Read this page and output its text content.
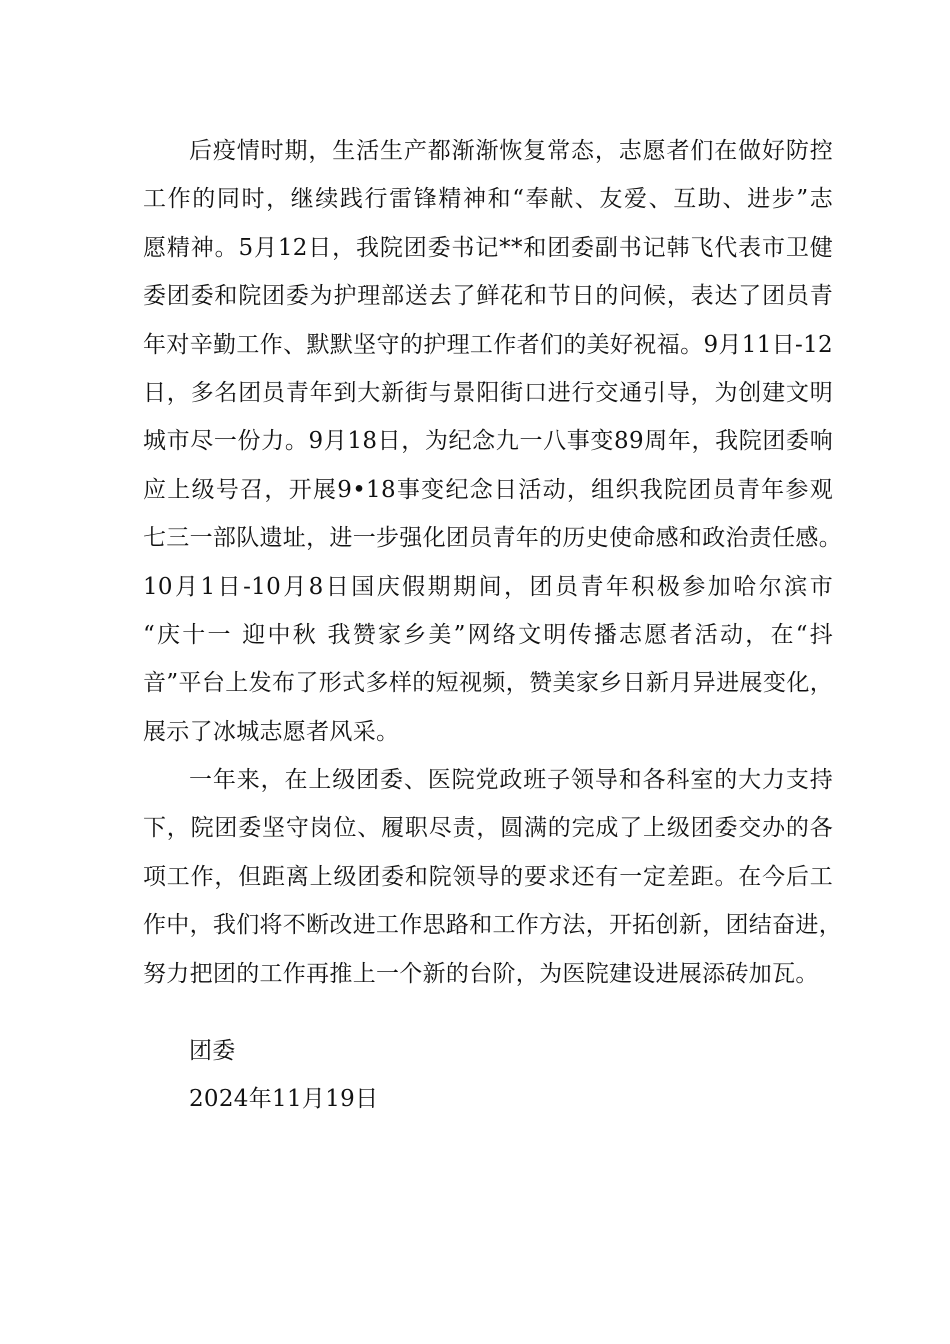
后疫情时期，生活生产都渐渐恢复常态，志愿者们在做好防控
工作的同时，继续践行雷锋精神和“奉献、友爱、互助、进步”志
愿精神。5月12日，我院团委书记**和团委副书记韩飞代表市卫健
委团委和院团委为护理部送去了鲜花和节日的问候，表达了团员青
年对辛勤工作、默默坚守的护理工作者们的美好祝福。9月11日-12
日，多名团员青年到大新街与景阳街口进行交通引导，为创建文明
城市尽一份力。9月18日，为纪念九一八事变89周年，我院团委响
应上级号召，开展9•18事变纪念日活动，组织我院团员青年参观
七三一部队遗址，进一步强化团员青年的历史使命感和政治责任感。
10月1日-10月8日国庆假期期间，团员青年积极参加哈尔滨市
“庆十一 迎中秋 我赞家乡美”网络文明传播志愿者活动，在“抖
音”平台上发布了形式多样的短视频，赞美家乡日新月异进展变化，
展示了冰城志愿者风采。
一年来，在上级团委、医院党政班子领导和各科室的大力支持
下，院团委坚守岗位、履职尽责，圆满的完成了上级团委交办的各
项工作，但距离上级团委和院领导的要求还有一定差距。在今后工
作中，我们将不断改进工作思路和工作方法，开拓创新，团结奋进，
努力把团的工作再推上一个新的台阶，为医院建设进展添砖加瓦。
团委
2024年11月19日
